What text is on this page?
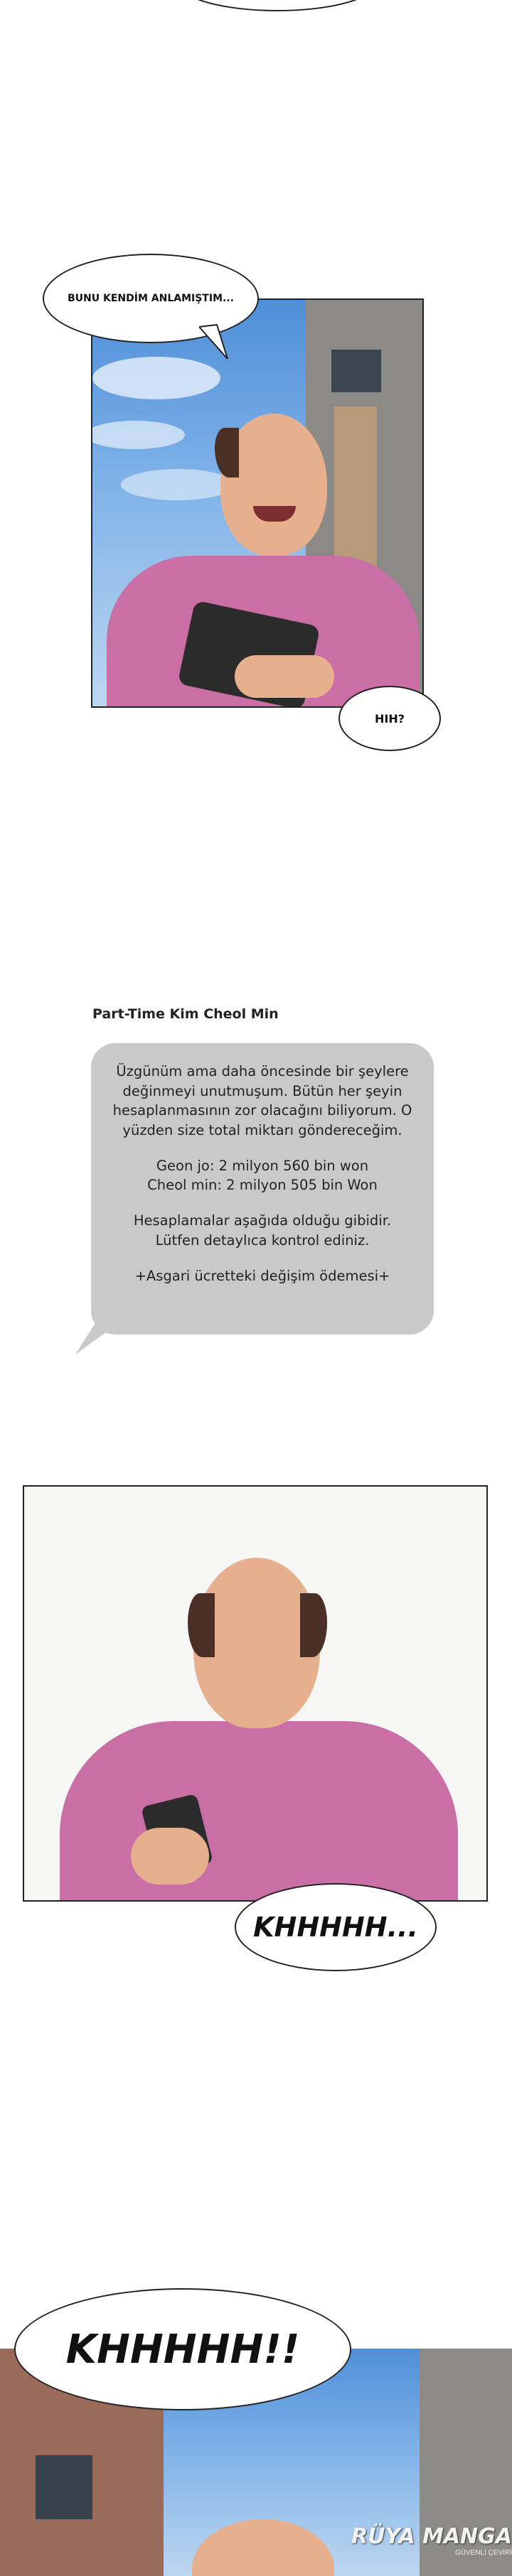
BUNU KENDİM ANLAMIŞTIM...
HIH?
Part-Time Kim Cheol Min

Üzgünüm ama daha öncesinde bir şeylere değinmeyi unutmuşum. Bütün her şeyin hesaplanmasının zor olacağını biliyorum. O yüzden size total miktarı göndereceğim.

Geon jo: 2 milyon 560 bin won
Cheol min: 2 milyon 505 bin Won

Hesaplamalar aşağıda olduğu gibidir. Lütfen detaylıca kontrol ediniz.

+Asgari ücretteki değişim ödemesi+

KHHHHH...
KHHHHH!!
RÜYA MANGA
GÜVENLİ ÇEVİRİ
